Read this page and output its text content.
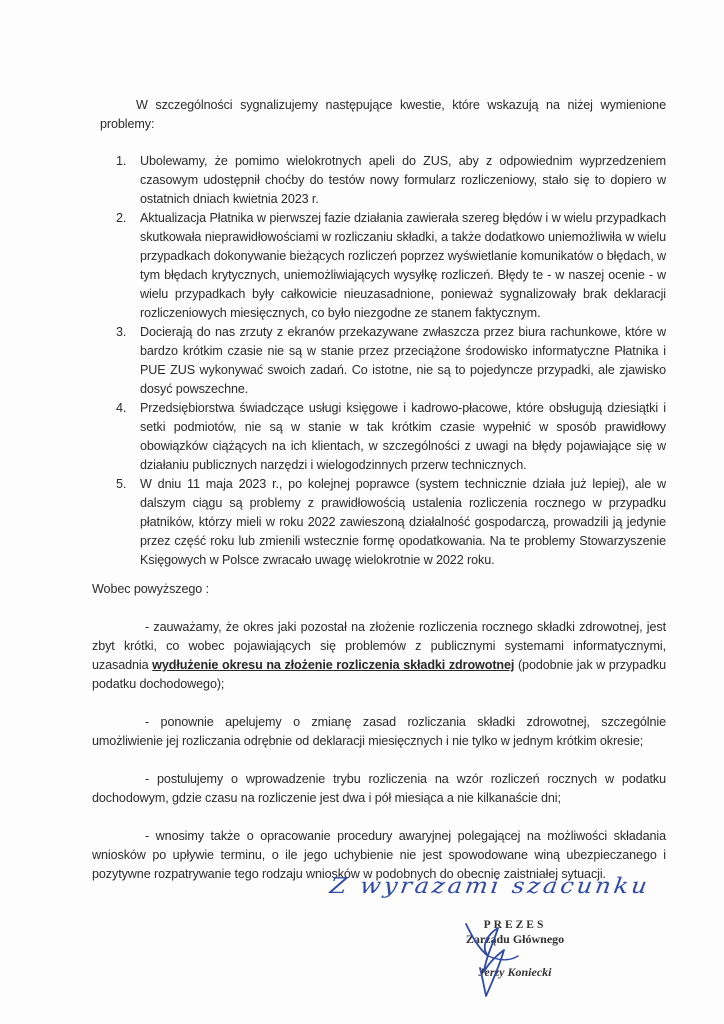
W szczególności sygnalizujemy następujące kwestie, które wskazują na niżej wymienione problemy:

1. Ubolewamy, że pomimo wielokrotnych apeli do ZUS, aby z odpowiednim wyprzedzeniem czasowym udostępnił choćby do testów nowy formularz rozliczeniowy, stało się to dopiero w ostatnich dniach kwietnia 2023 r.
2. Aktualizacja Płatnika w pierwszej fazie działania zawierała szereg błędów i w wielu przypadkach skutkowała nieprawidłowościami w rozliczaniu składki, a także dodatkowo uniemożliwiła w wielu przypadkach dokonywanie bieżących rozliczeń poprzez wyświetlanie komunikatów o błędach, w tym błędach krytycznych, uniemożliwiających wysyłkę rozliczeń. Błędy te - w naszej ocenie - w wielu przypadkach były całkowicie nieuzasadnione, ponieważ sygnalizowały brak deklaracji rozliczeniowych miesięcznych, co było niezgodne ze stanem faktycznym.
3. Docierają do nas zrzuty z ekranów przekazywane zwłaszcza przez biura rachunkowe, które w bardzo krótkim czasie nie są w stanie przez przeciążone środowisko informatyczne Płatnika i PUE ZUS wykonywać swoich zadań. Co istotne, nie są to pojedyncze przypadki, ale zjawisko dosyć powszechne.
4. Przedsiębiorstwa świadczące usługi księgowe i kadrowo-płacowe, które obsługują dziesiątki i setki podmiotów, nie są w stanie w tak krótkim czasie wypełnić w sposób prawidłowy obowiązków ciążących na ich klientach, w szczególności z uwagi na błędy pojawiające się w działaniu publicznych narzędzi i wielogodzinnych przerw technicznych.
5. W dniu 11 maja 2023 r., po kolejnej poprawce (system technicznie działa już lepiej), ale w dalszym ciągu są problemy z prawidłowością ustalenia rozliczenia rocznego w przypadku płatników, którzy mieli w roku 2022 zawieszoną działalność gospodarczą, prowadzili ją jedynie przez część roku lub zmienili wstecznie formę opodatkowania. Na te problemy Stowarzyszenie Księgowych w Polsce zwracało uwagę wielokrotnie w 2022 roku.

Wobec powyższego :

- zauważamy, że okres jaki pozostał na złożenie rozliczenia rocznego składki zdrowotnej, jest zbyt krótki, co wobec pojawiających się problemów z publicznymi systemami informatycznymi, uzasadnia wydłużenie okresu na złożenie rozliczenia składki zdrowotnej (podobnie jak w przypadku podatku dochodowego);

- ponownie apelujemy o zmianę zasad rozliczania składki zdrowotnej, szczególnie umożliwienie jej rozliczania odrębnie od deklaracji miesięcznych i nie tylko w jednym krótkim okresie;

- postulujemy o wprowadzenie trybu rozliczenia na wzór rozliczeń rocznych w podatku dochodowym, gdzie czasu na rozliczenie jest dwa i pół miesiąca a nie kilkanaście dni;

- wnosimy także o opracowanie procedury awaryjnej polegającej na możliwości składania wniosków po upływie terminu, o ile jego uchybienie nie jest spowodowane winą ubezpieczanego i pozytywne rozpatrywanie tego rodzaju wniosków w podobnych do obecnie zaistniałej sytuacji.

Z wyrazami szacunku
PREZES
Zarządu Głównego
Jerzy Koniecki
